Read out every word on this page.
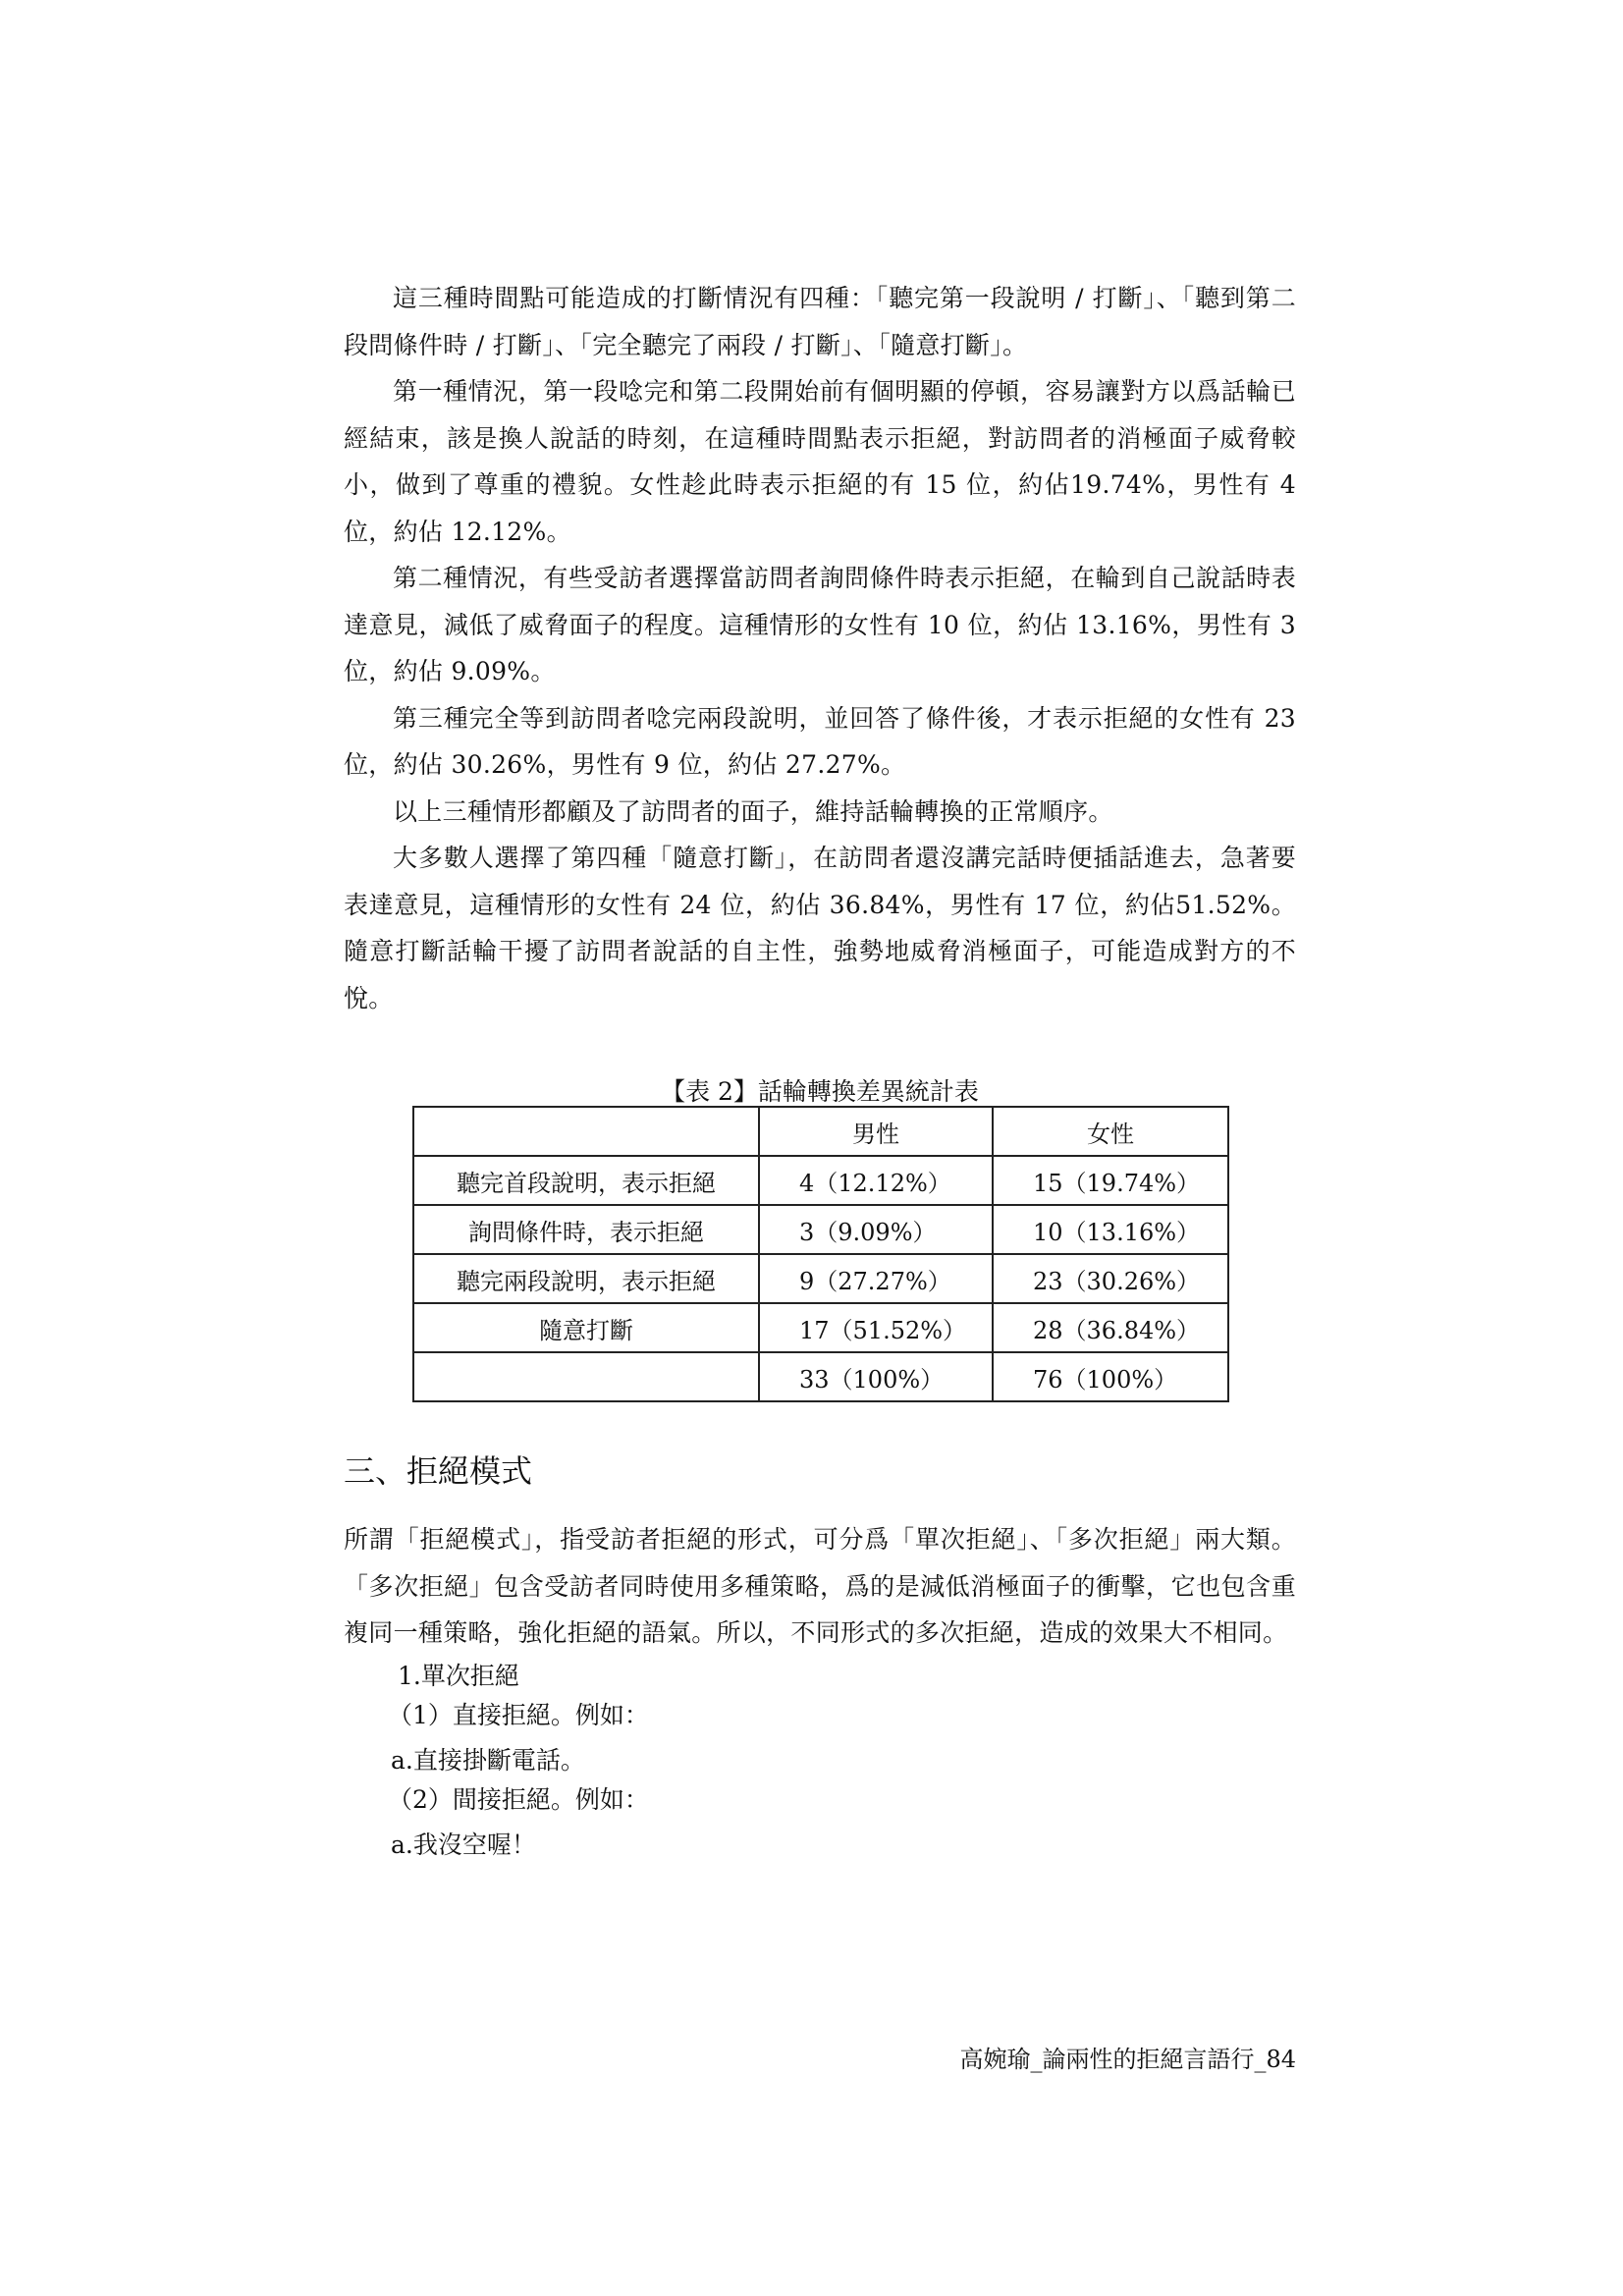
這三種時間點可能造成的打斷情況有四種：「聽完第一段說明 / 打斷」、「聽到第二段問條件時 / 打斷」、「完全聽完了兩段 / 打斷」、「隨意打斷」。

第一種情況，第一段唸完和第二段開始前有個明顯的停頓，容易讓對方以爲話輪已經結束，該是換人說話的時刻，在這種時間點表示拒絕，對訪問者的消極面子威脅較小，做到了尊重的禮貌。女性趁此時表示拒絕的有 15 位，約佔19.74%，男性有 4 位，約佔 12.12%。

第二種情況，有些受訪者選擇當訪問者詢問條件時表示拒絕，在輪到自己說話時表達意見，減低了威脅面子的程度。這種情形的女性有 10 位，約佔 13.16%，男性有 3 位，約佔 9.09%。

第三種完全等到訪問者唸完兩段說明，並回答了條件後，才表示拒絕的女性有 23 位，約佔 30.26%，男性有 9 位，約佔 27.27%。

以上三種情形都顧及了訪問者的面子，維持話輪轉換的正常順序。

大多數人選擇了第四種「隨意打斷」，在訪問者還沒講完話時便插話進去，急著要表達意見，這種情形的女性有 24 位，約佔 36.84%，男性有 17 位，約佔51.52%。隨意打斷話輪干擾了訪問者說話的自主性，強勢地威脅消極面子，可能造成對方的不悅。

【表 2】話輪轉換差異統計表
	男性	女性
聽完首段說明，表示拒絕	4（12.12%）	15（19.74%）
詢問條件時，表示拒絕	3（9.09%）	10（13.16%）
聽完兩段說明，表示拒絕	9（27.27%）	23（30.26%）
隨意打斷	17（51.52%）	28（36.84%）
	33（100%）	76（100%）
三、拒絕模式

所謂「拒絕模式」，指受訪者拒絕的形式，可分爲「單次拒絕」、「多次拒絕」兩大類。「多次拒絕」包含受訪者同時使用多種策略，爲的是減低消極面子的衝擊，它也包含重複同一種策略，強化拒絕的語氣。所以，不同形式的多次拒絕，造成的效果大不相同。

1.單次拒絕

（1）直接拒絕。例如：

a.直接掛斷電話。

（2）間接拒絕。例如：

a.我沒空喔！

高婉瑜_論兩性的拒絕言語行_84
